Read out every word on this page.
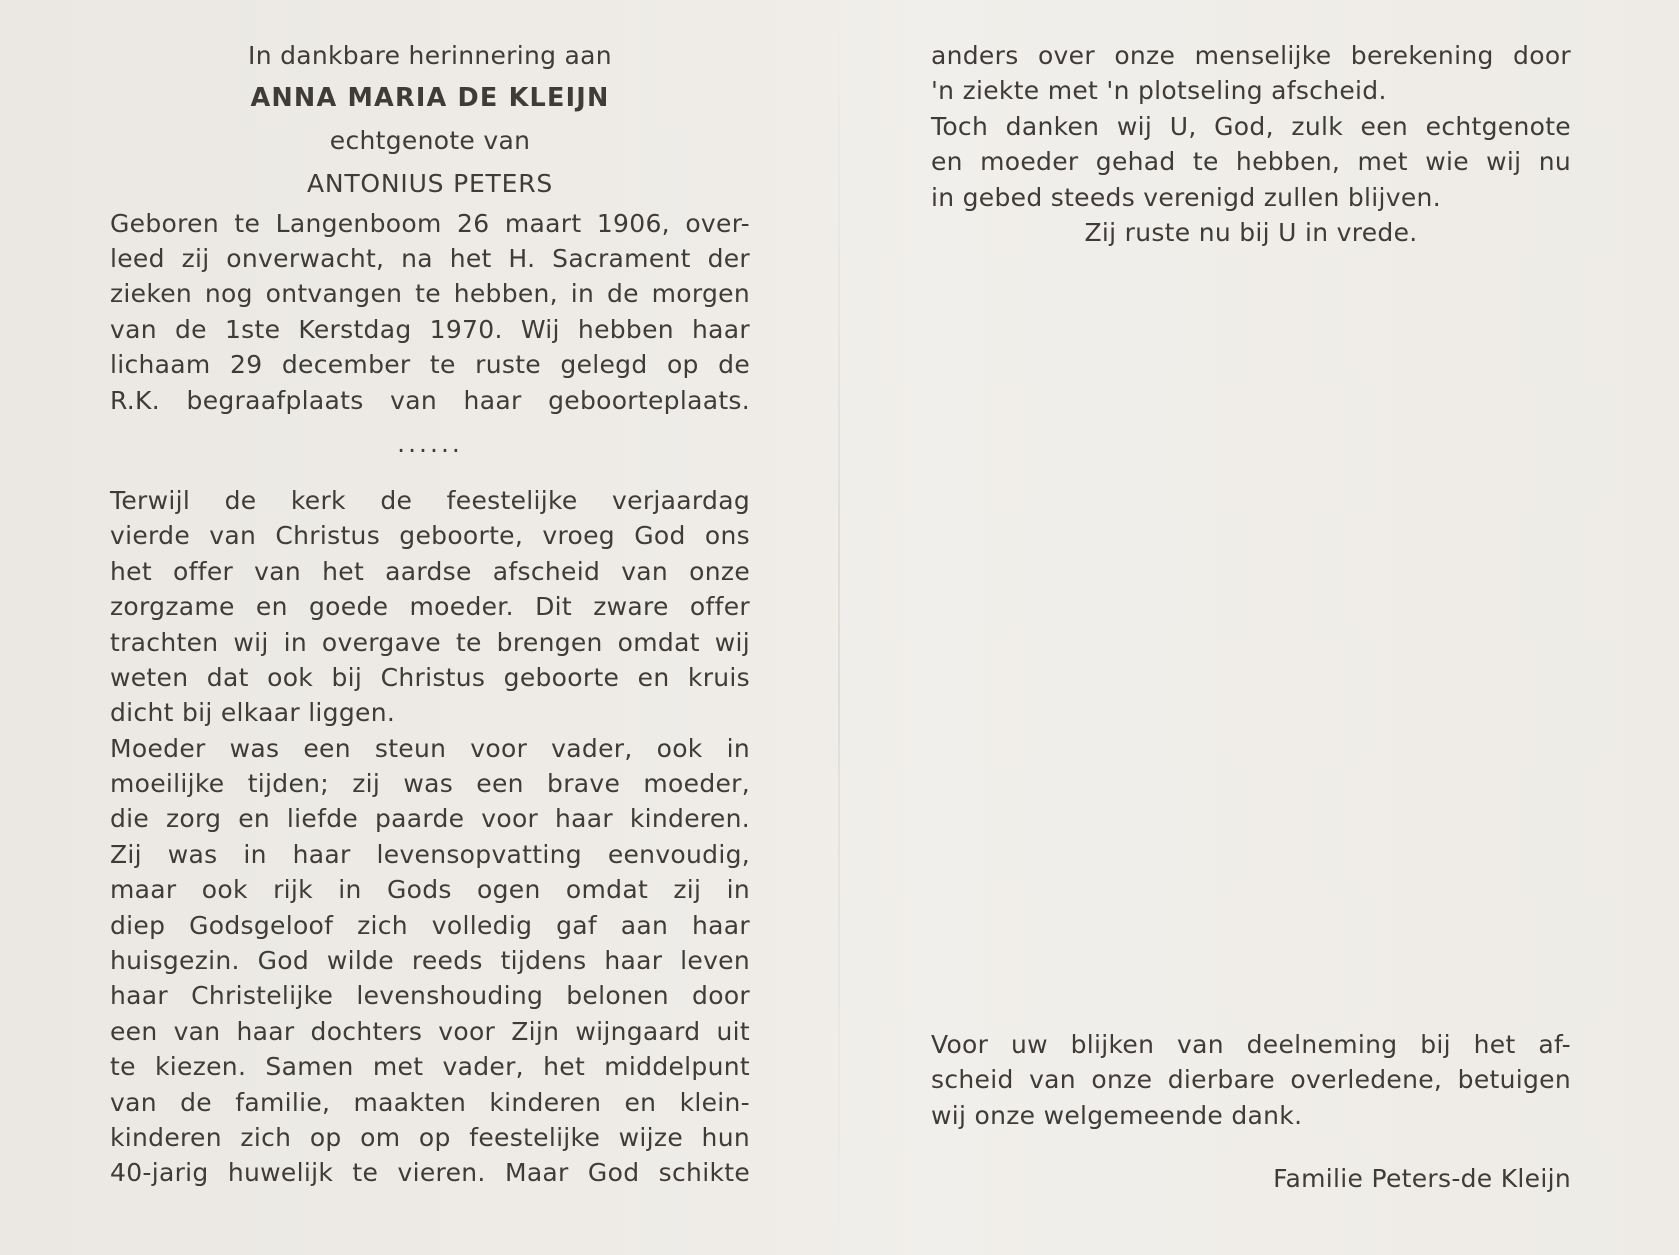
In dankbare herinnering aan
ANNA MARIA DE KLEIJN
echtgenote van
ANTONIUS PETERS
Geboren te Langenboom 26 maart 1906, over-
leed zij onverwacht, na het H. Sacrament der
zieken nog ontvangen te hebben, in de morgen
van de 1ste Kerstdag 1970. Wij hebben haar
lichaam 29 december te ruste gelegd op de
R.K. begraafplaats van haar geboorteplaats.
......
Terwijl de kerk de feestelijke verjaardag
vierde van Christus geboorte, vroeg God ons
het offer van het aardse afscheid van onze
zorgzame en goede moeder. Dit zware offer
trachten wij in overgave te brengen omdat wij
weten dat ook bij Christus geboorte en kruis
dicht bij elkaar liggen.
Moeder was een steun voor vader, ook in
moeilijke tijden; zij was een brave moeder,
die zorg en liefde paarde voor haar kinderen.
Zij was in haar levensopvatting eenvoudig,
maar ook rijk in Gods ogen omdat zij in
diep Godsgeloof zich volledig gaf aan haar
huisgezin. God wilde reeds tijdens haar leven
haar Christelijke levenshouding belonen door
een van haar dochters voor Zijn wijngaard uit
te kiezen. Samen met vader, het middelpunt
van de familie, maakten kinderen en klein-
kinderen zich op om op feestelijke wijze hun
40-jarig huwelijk te vieren. Maar God schikte
anders over onze menselijke berekening door
'n ziekte met 'n plotseling afscheid.
Toch danken wij U, God, zulk een echtgenote
en moeder gehad te hebben, met wie wij nu
in gebed steeds verenigd zullen blijven.
Zij ruste nu bij U in vrede.
Voor uw blijken van deelneming bij het af-
scheid van onze dierbare overledene, betuigen
wij onze welgemeende dank.
Familie Peters-de Kleijn
